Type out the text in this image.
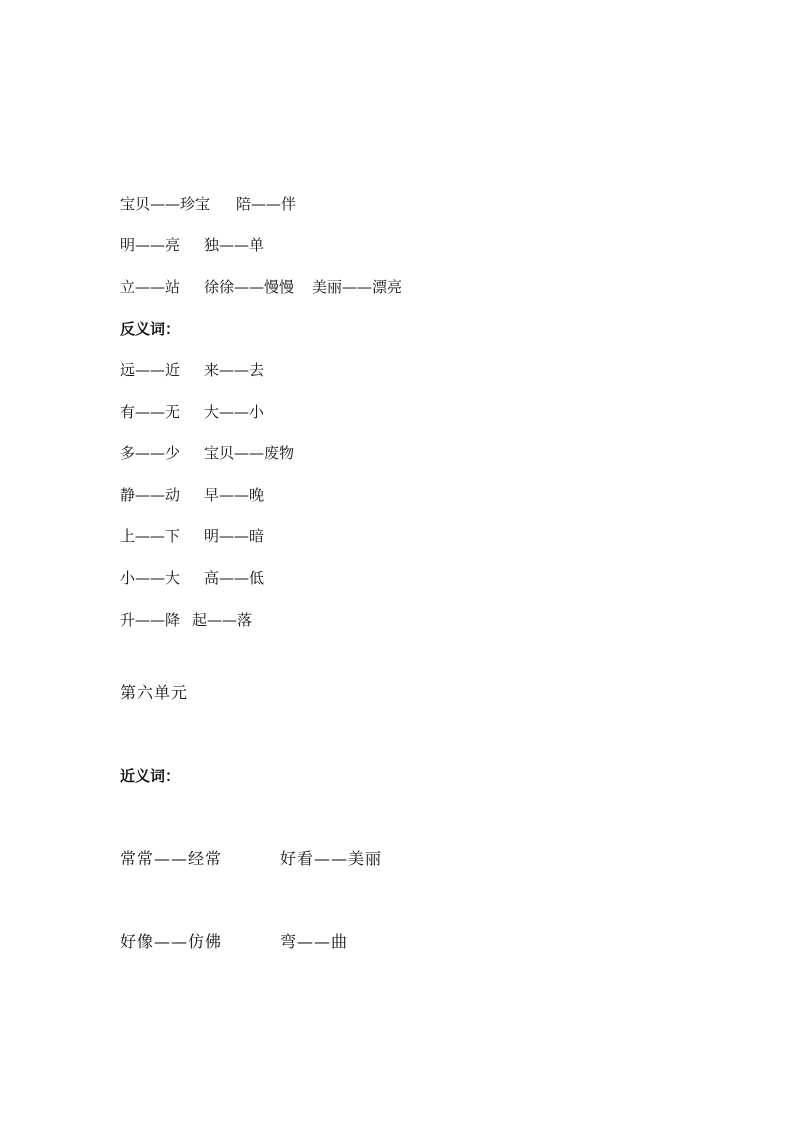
宝贝——珍宝 陪——伴
明——亮 独——单
立——站 徐徐——慢慢 美丽——漂亮
反义词：
远——近 来——去
有——无 大——小
多——少 宝贝——废物
静——动 早——晚
上——下 明——暗
小——大 高——低
升——降 起——落
第六单元
近义词：
常常——经常	好看——美丽
好像——仿佛	弯——曲
